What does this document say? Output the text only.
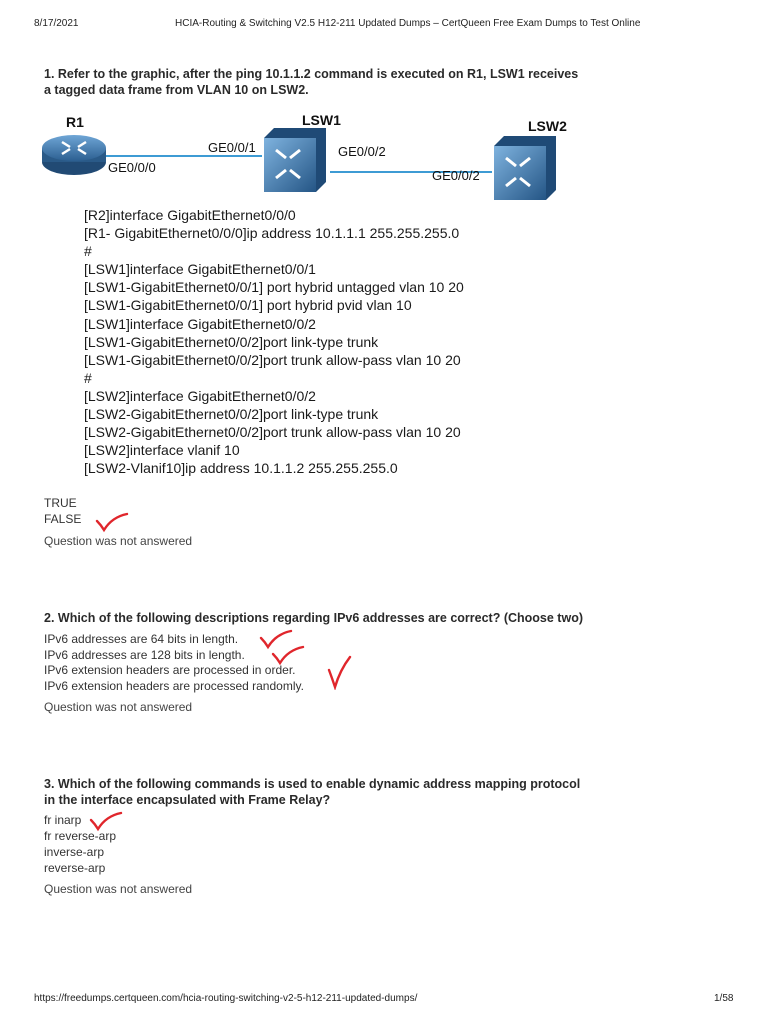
8/17/2021	HCIA-Routing & Switching V2.5 H12-211 Updated Dumps – CertQueen Free Exam Dumps to Test Online
1. Refer to the graphic, after the ping 10.1.1.2 command is executed on R1, LSW1 receives
a tagged data frame from VLAN 10 on LSW2.
R1
GE0/0/0
LSW1
GE0/0/1	GE0/0/2
LSW2
GE0/0/2
[R2]interface GigabitEthernet0/0/0
[R1- GigabitEthernet0/0/0]ip address 10.1.1.1 255.255.255.0
#
[LSW1]interface GigabitEthernet0/0/1
[LSW1-GigabitEthernet0/0/1] port hybrid untagged vlan 10 20
[LSW1-GigabitEthernet0/0/1] port hybrid pvid vlan 10
[LSW1]interface GigabitEthernet0/0/2
[LSW1-GigabitEthernet0/0/2]port link-type trunk
[LSW1-GigabitEthernet0/0/2]port trunk allow-pass vlan 10 20
#
[LSW2]interface GigabitEthernet0/0/2
[LSW2-GigabitEthernet0/0/2]port link-type trunk
[LSW2-GigabitEthernet0/0/2]port trunk allow-pass vlan 10 20
[LSW2]interface vlanif 10
[LSW2-Vlanif10]ip address 10.1.1.2 255.255.255.0
TRUE
FALSE
Question was not answered
2. Which of the following descriptions regarding IPv6 addresses are correct? (Choose two)
IPv6 addresses are 64 bits in length.
IPv6 addresses are 128 bits in length.
IPv6 extension headers are processed in order.
IPv6 extension headers are processed randomly.
Question was not answered
3. Which of the following commands is used to enable dynamic address mapping protocol
in the interface encapsulated with Frame Relay?
fr inarp
fr reverse-arp
inverse-arp
reverse-arp
Question was not answered
https://freedumps.certqueen.com/hcia-routing-switching-v2-5-h12-211-updated-dumps/	1/58
